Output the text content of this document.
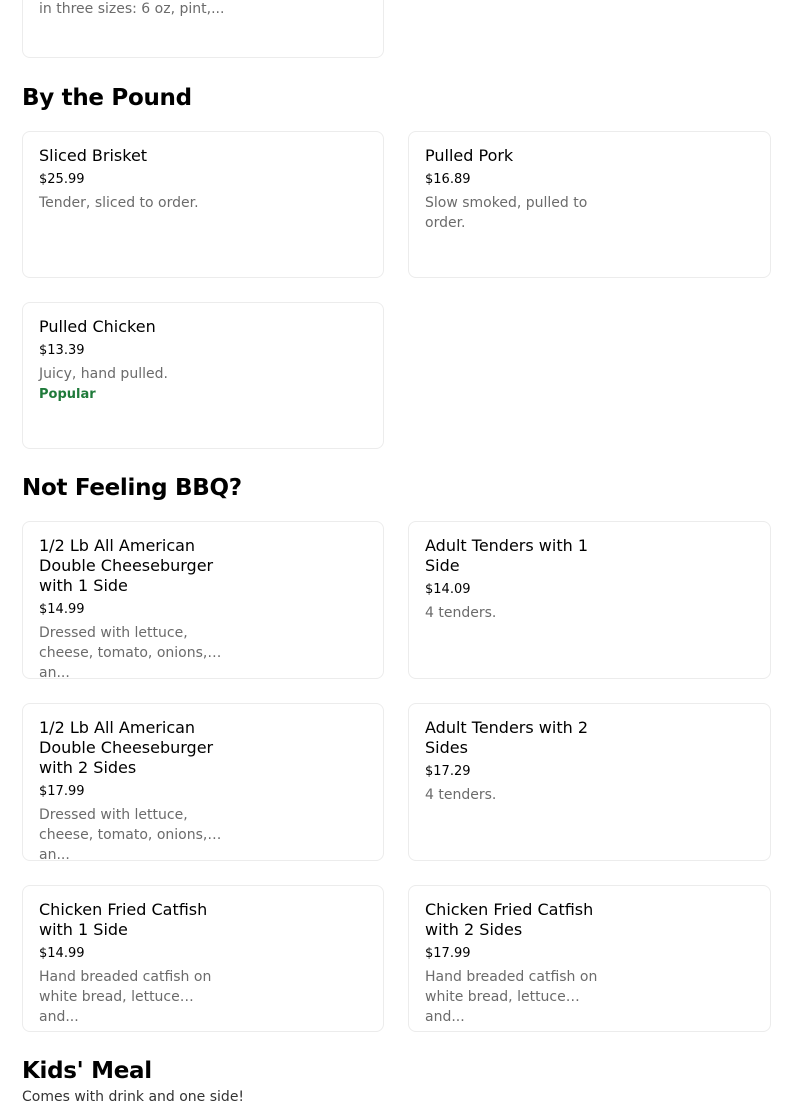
in three sizes: 6 oz, pint,...
By the Pound
Sliced Brisket
$25.99
Tender, sliced to order.
Pulled Pork
$16.89
Slow smoked, pulled to order.
Pulled Chicken
$13.39
Juicy, hand pulled.
Popular
Not Feeling BBQ?
1/2 Lb All American Double Cheeseburger with 1 Side
$14.99
Dressed with lettuce, cheese, tomato, onions, an...
Adult Tenders with 1 Side
$14.09
4 tenders.
1/2 Lb All American Double Cheeseburger with 2 Sides
$17.99
Dressed with lettuce, cheese, tomato, onions, an...
Adult Tenders with 2 Sides
$17.29
4 tenders.
Chicken Fried Catfish with 1 Side
$14.99
Hand breaded catfish on white bread, lettuce and...
Chicken Fried Catfish with 2 Sides
$17.99
Hand breaded catfish on white bread, lettuce and...
Kids' Meal
Comes with drink and one side!
